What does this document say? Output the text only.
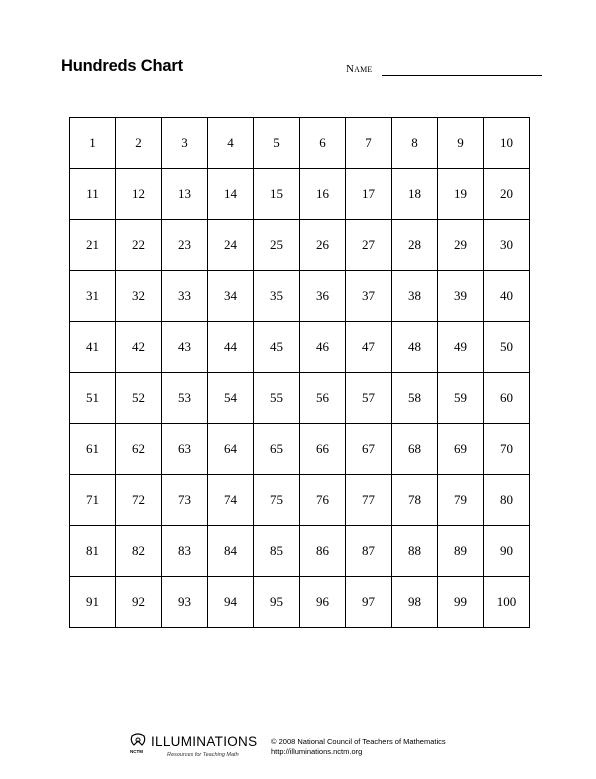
Hundreds Chart	Name
1	2	3	4	5	6	7	8	9	10
11	12	13	14	15	16	17	18	19	20
21	22	23	24	25	26	27	28	29	30
31	32	33	34	35	36	37	38	39	40
41	42	43	44	45	46	47	48	49	50
51	52	53	54	55	56	57	58	59	60
61	62	63	64	65	66	67	68	69	70
71	72	73	74	75	76	77	78	79	80
81	82	83	84	85	86	87	88	89	90
91	92	93	94	95	96	97	98	99	100
NCTM
ILLUMINATIONS
Resources for Teaching Math
© 2008 National Council of Teachers of Mathematics
http://illuminations.nctm.org
